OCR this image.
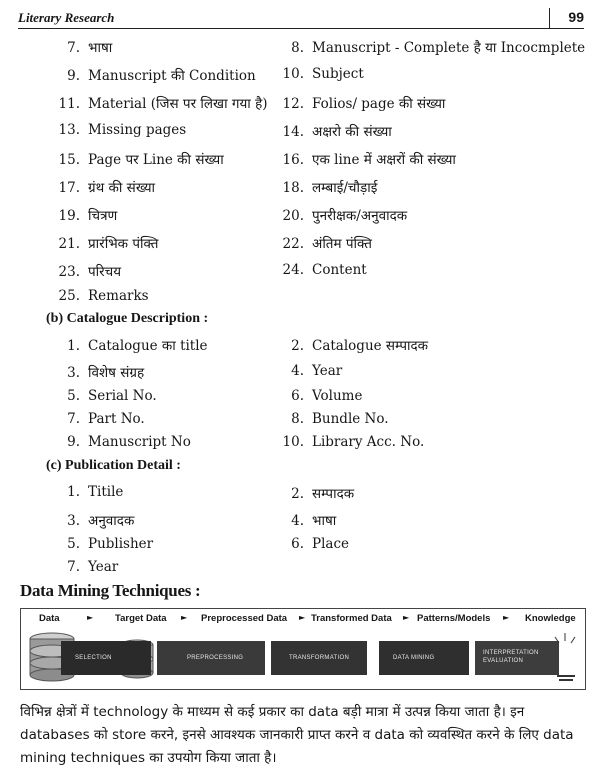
Literary Research	99
7. भाषा	8. Manuscript - Complete है या Incocmplete
9. Manuscript की Condition	10. Subject
11. Material (जिस पर लिखा गया है)	12. Folios/ page की संख्या
13. Missing pages	14. अक्षरो की संख्या
15. Page पर Line की संख्या	16. एक line में अक्षरों की संख्या
17. ग्रंथ की संख्या	18. लम्बाई/चौड़ाई
19. चित्रण	20. पुनरीक्षक/अनुवादक
21. प्रारंभिक पंक्ति	22. अंतिम पंक्ति
23. परिचय	24. Content
25. Remarks
(b) Catalogue Description :
1. Catalogue का title	2. Catalogue सम्पादक
3. विशेष संग्रह	4. Year
5. Serial No.	6. Volume
7. Part No.	8. Bundle No.
9. Manuscript No	10. Library Acc. No.
(c) Publication Detail :
1. Titile	2. सम्पादक
3. अनुवादक	4. भाषा
5. Publisher	6. Place
7. Year
Data Mining Techniques :
Data	► Target Data ► Preprocessed Data ► Transformed Data ► Patterns/Models ► Knowledge
SELECTION	PREPROCESSING	TRANSFORMATION	DATA MINING
INTERPRETATION EVALUATION
विभिन्न क्षेत्रों में technology के माध्यम से कई प्रकार का data बड़ी मात्रा में उत्पन्न किया जाता है। इन
databases को store करने, इनसे आवश्यक जानकारी प्राप्त करने व data को व्यवस्थित करने के लिए data
mining techniques का उपयोग किया जाता है।
